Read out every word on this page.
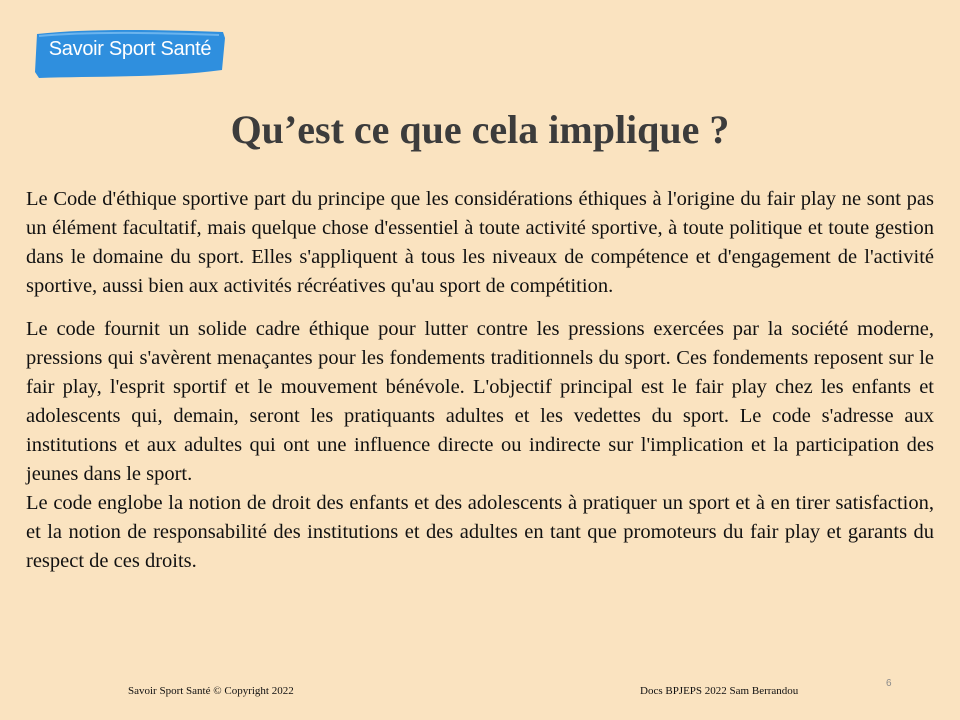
Savoir Sport Santé
Qu’est ce que cela implique ?

Le Code d'éthique sportive part du principe que les considérations éthiques à l'origine du fair play ne sont pas un élément facultatif, mais quelque chose d'essentiel à toute activité sportive, à toute politique et toute gestion dans le domaine du sport. Elles s'appliquent à tous les niveaux de compétence et d'engagement de l'activité sportive, aussi bien aux activités récréatives qu'au sport de compétition.

Le code fournit un solide cadre éthique pour lutter contre les pressions exercées par la société moderne, pressions qui s'avèrent menaçantes pour les fondements traditionnels du sport. Ces fondements reposent sur le fair play, l'esprit sportif et le mouvement bénévole. L'objectif principal est le fair play chez les enfants et adolescents qui, demain, seront les pratiquants adultes et les vedettes du sport. Le code s'adresse aux institutions et aux adultes qui ont une influence directe ou indirecte sur l'implication et la participation des jeunes dans le sport.

Le code englobe la notion de droit des enfants et des adolescents à pratiquer un sport et à en tirer satisfaction, et la notion de responsabilité des institutions et des adultes en tant que promoteurs du fair play et garants du respect de ces droits.

Savoir Sport Santé © Copyright 2022	Docs BPJEPS 2022 Sam Berrandou
6
